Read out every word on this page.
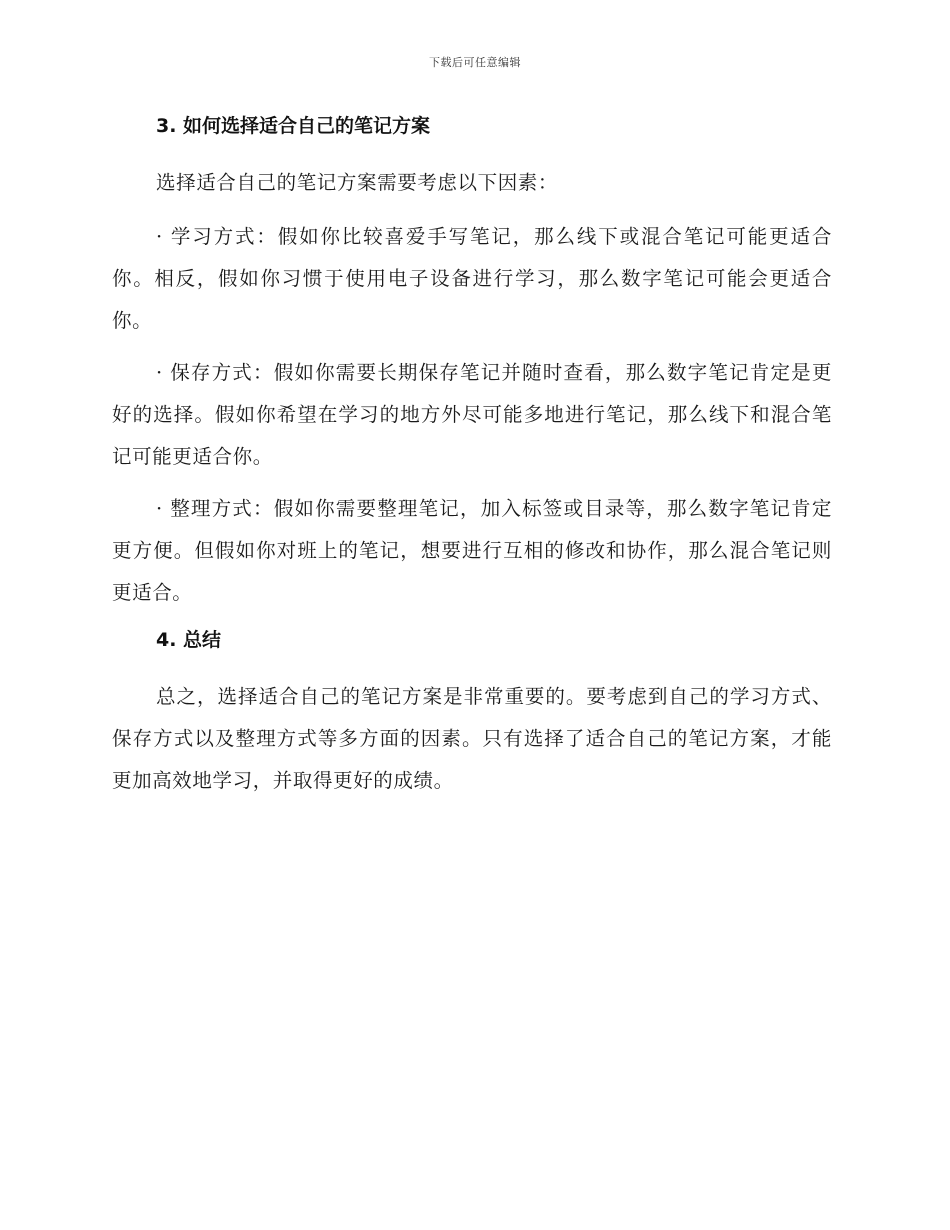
下载后可任意编辑
3. 如何选择适合自己的笔记方案

选择适合自己的笔记方案需要考虑以下因素：

· 学习方式：假如你比较喜爱手写笔记，那么线下或混合笔记可能更适合你。相反，假如你习惯于使用电子设备进行学习，那么数字笔记可能会更适合你。

· 保存方式：假如你需要长期保存笔记并随时查看，那么数字笔记肯定是更好的选择。假如你希望在学习的地方外尽可能多地进行笔记，那么线下和混合笔记可能更适合你。

· 整理方式：假如你需要整理笔记，加入标签或目录等，那么数字笔记肯定更方便。但假如你对班上的笔记，想要进行互相的修改和协作，那么混合笔记则更适合。

4. 总结

总之，选择适合自己的笔记方案是非常重要的。要考虑到自己的学习方式、保存方式以及整理方式等多方面的因素。只有选择了适合自己的笔记方案，才能更加高效地学习，并取得更好的成绩。
